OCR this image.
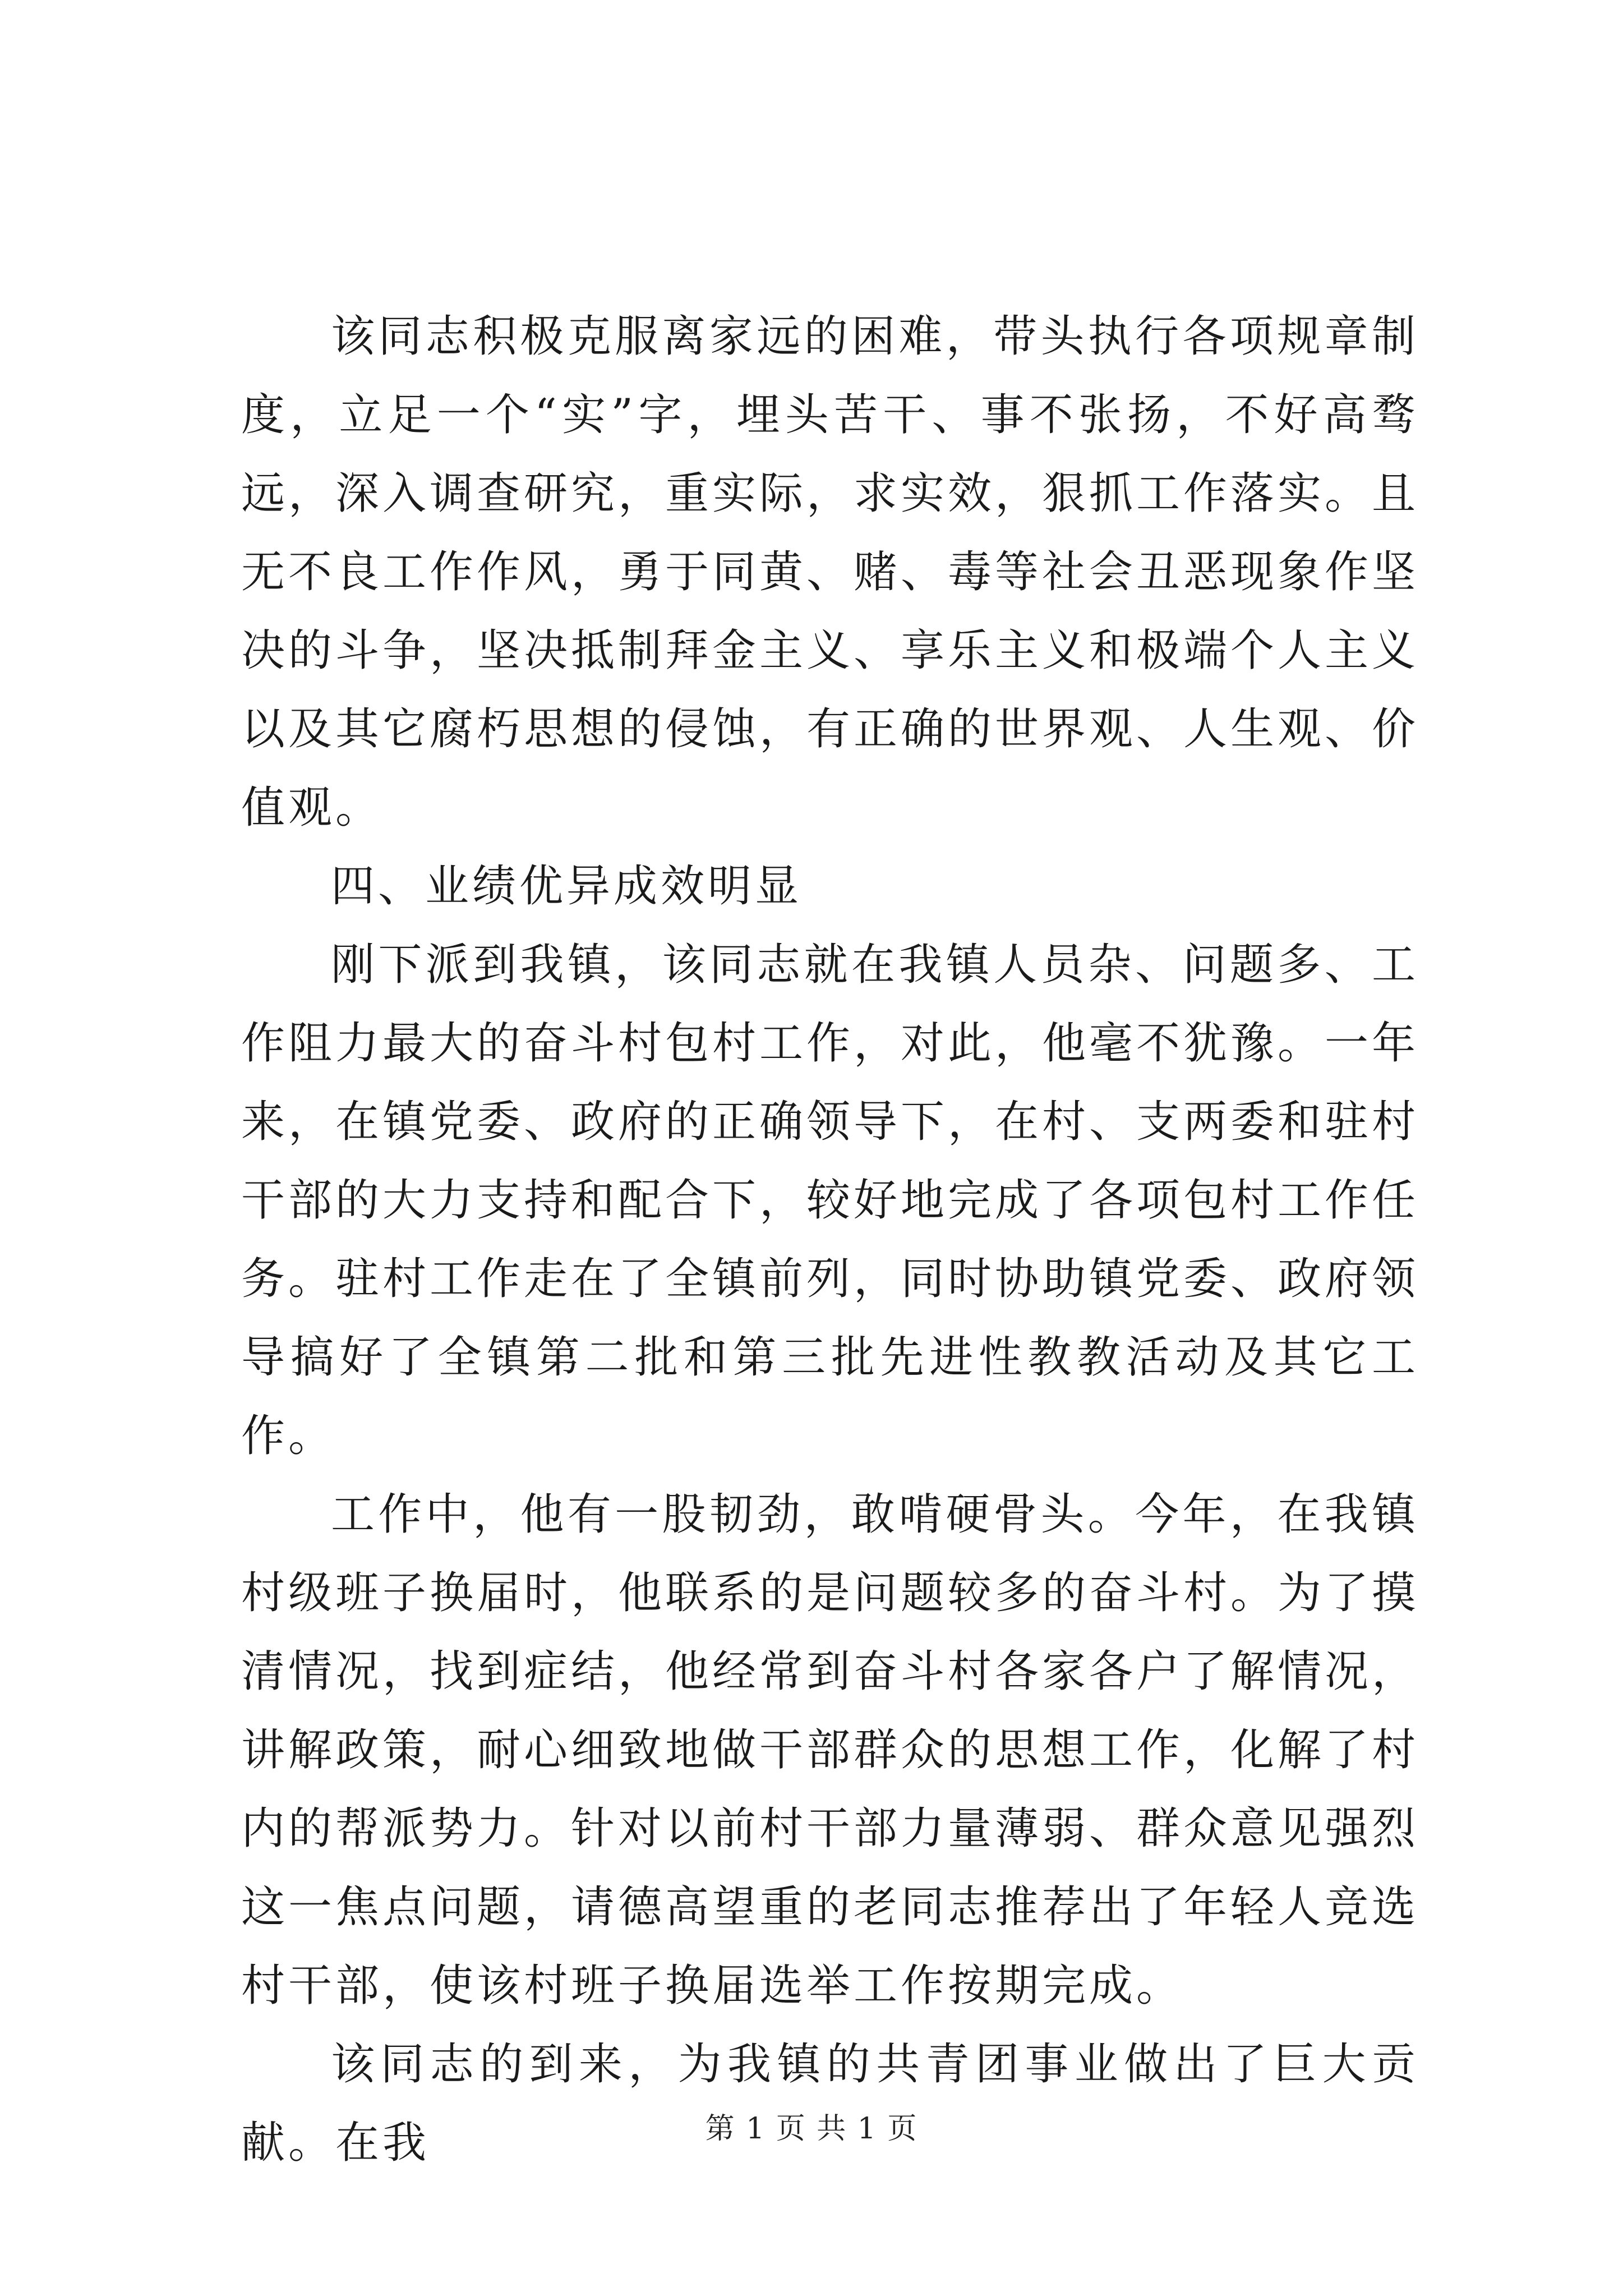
该同志积极克服离家远的困难，带头执行各项规章制度，立足一个“实”字，埋头苦干、事不张扬，不好高骛远，深入调查研究，重实际，求实效，狠抓工作落实。且无不良工作作风，勇于同黄、赌、毒等社会丑恶现象作坚决的斗争，坚决抵制拜金主义、享乐主义和极端个人主义以及其它腐朽思想的侵蚀，有正确的世界观、人生观、价值观。

四、业绩优异成效明显

刚下派到我镇，该同志就在我镇人员杂、问题多、工作阻力最大的奋斗村包村工作，对此，他毫不犹豫。一年来，在镇党委、政府的正确领导下，在村、支两委和驻村干部的大力支持和配合下，较好地完成了各项包村工作任务。驻村工作走在了全镇前列，同时协助镇党委、政府领导搞好了全镇第二批和第三批先进性教教活动及其它工作。

工作中，他有一股韧劲，敢啃硬骨头。今年，在我镇村级班子换届时，他联系的是问题较多的奋斗村。为了摸清情况，找到症结，他经常到奋斗村各家各户了解情况，讲解政策，耐心细致地做干部群众的思想工作，化解了村内的帮派势力。针对以前村干部力量薄弱、群众意见强烈这一焦点问题，请德高望重的老同志推荐出了年轻人竞选村干部，使该村班子换届选举工作按期完成。

该同志的到来，为我镇的共青团事业做出了巨大贡献。在我	第 1 页 共 1 页
